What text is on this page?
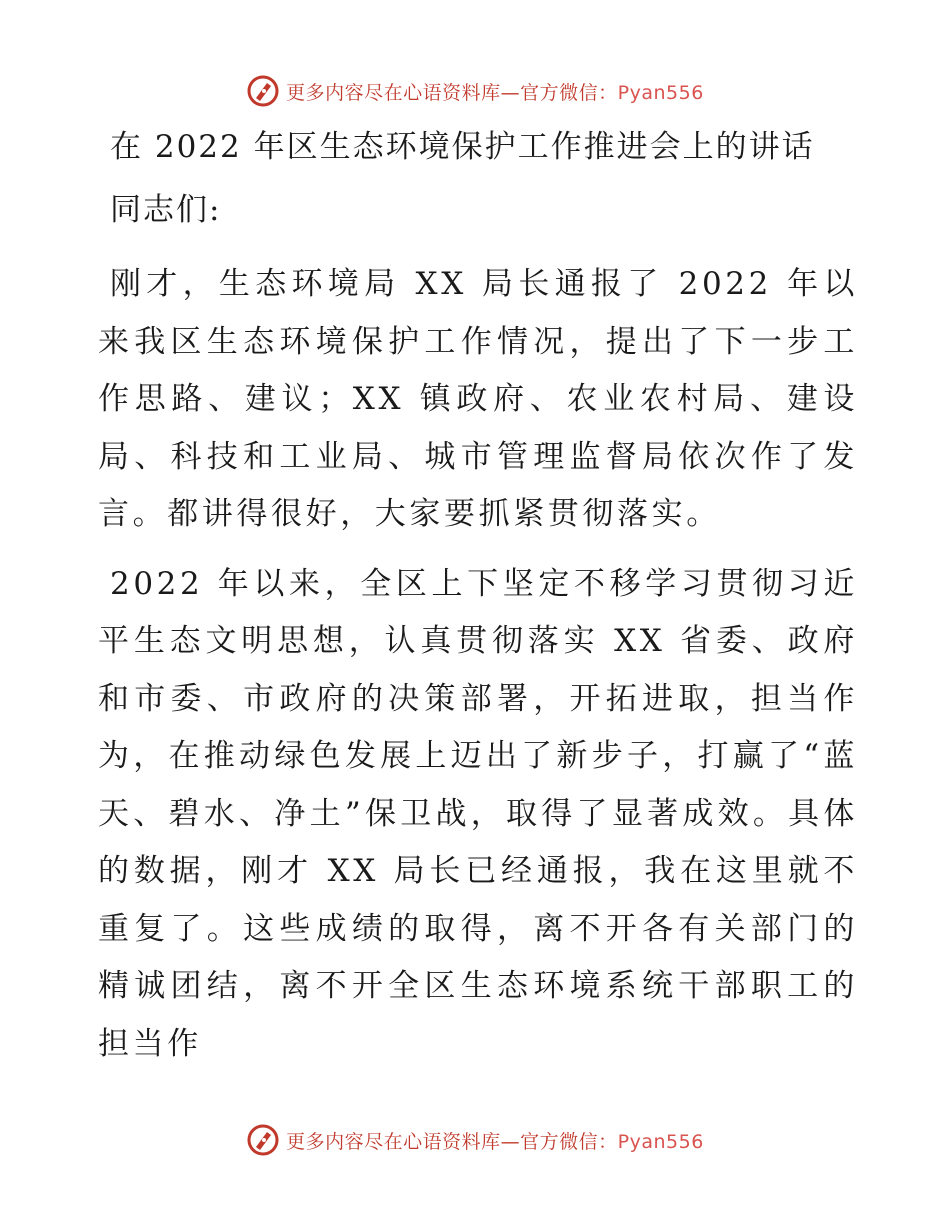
更多内容尽在心语资料库—官方微信：Pyan556
在 2022 年区生态环境保护工作推进会上的讲话
同志们:

刚才，生态环境局 XX 局长通报了 2022 年以来我区生态环境保护工作情况，提出了下一步工作思路、建议；XX 镇政府、农业农村局、建设局、科技和工业局、城市管理监督局依次作了发言。都讲得很好，大家要抓紧贯彻落实。

2022 年以来，全区上下坚定不移学习贯彻习近平生态文明思想，认真贯彻落实 XX 省委、政府和市委、市政府的决策部署，开拓进取，担当作为，在推动绿色发展上迈出了新步子，打赢了“蓝天、碧水、净土”保卫战，取得了显著成效。具体的数据，刚才 XX 局长已经通报，我在这里就不重复了。这些成绩的取得，离不开各有关部门的精诚团结，离不开全区生态环境系统干部职工的担当作

更多内容尽在心语资料库—官方微信：Pyan556
